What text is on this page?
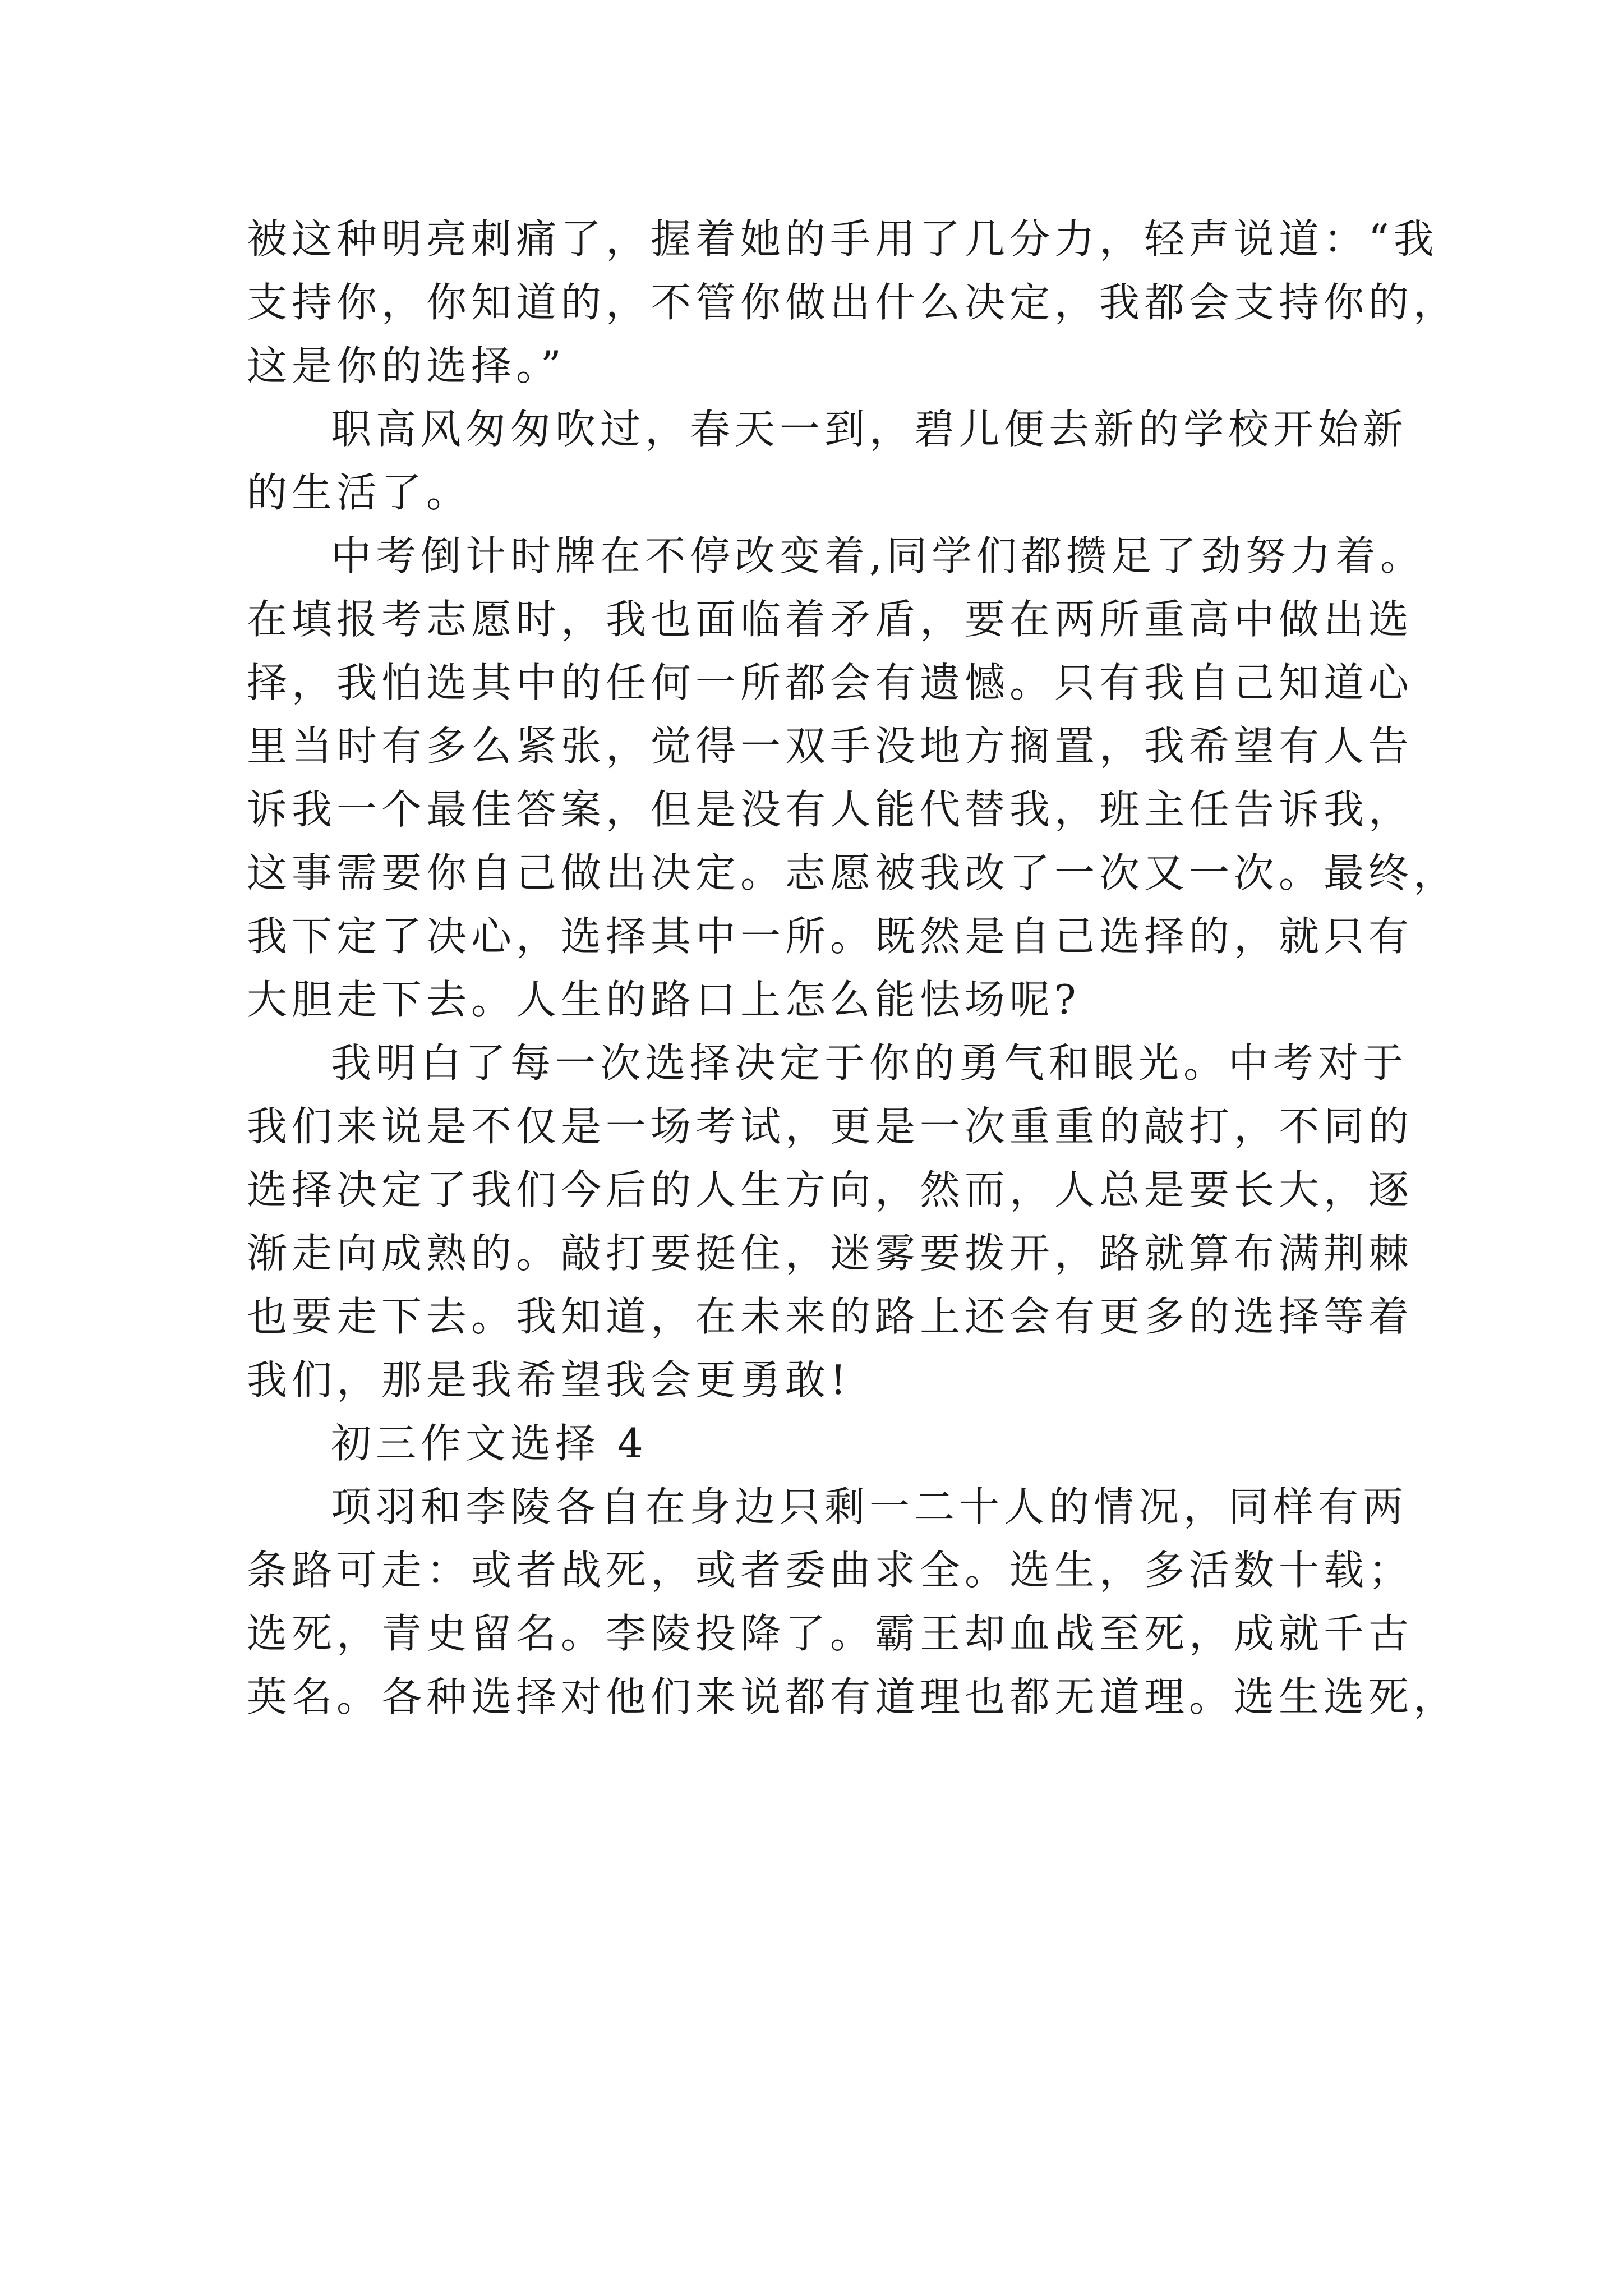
被这种明亮刺痛了，握着她的手用了几分力，轻声说道：“我
支持你，你知道的，不管你做出什么决定，我都会支持你的，
这是你的选择。”
职高风匆匆吹过，春天一到，碧儿便去新的学校开始新
的生活了。
中考倒计时牌在不停改变着,同学们都攒足了劲努力着。
在填报考志愿时，我也面临着矛盾，要在两所重高中做出选
择，我怕选其中的任何一所都会有遗憾。只有我自己知道心
里当时有多么紧张，觉得一双手没地方搁置，我希望有人告
诉我一个最佳答案，但是没有人能代替我，班主任告诉我，
这事需要你自己做出决定。志愿被我改了一次又一次。最终，
我下定了决心，选择其中一所。既然是自己选择的，就只有
大胆走下去。人生的路口上怎么能怯场呢?
我明白了每一次选择决定于你的勇气和眼光。中考对于
我们来说是不仅是一场考试，更是一次重重的敲打，不同的
选择决定了我们今后的人生方向，然而，人总是要长大，逐
渐走向成熟的。敲打要挺住，迷雾要拨开，路就算布满荆棘
也要走下去。我知道，在未来的路上还会有更多的选择等着
我们，那是我希望我会更勇敢!
初三作文选择 4
项羽和李陵各自在身边只剩一二十人的情况，同样有两
条路可走：或者战死，或者委曲求全。选生，多活数十载；
选死，青史留名。李陵投降了。霸王却血战至死，成就千古
英名。各种选择对他们来说都有道理也都无道理。选生选死，
